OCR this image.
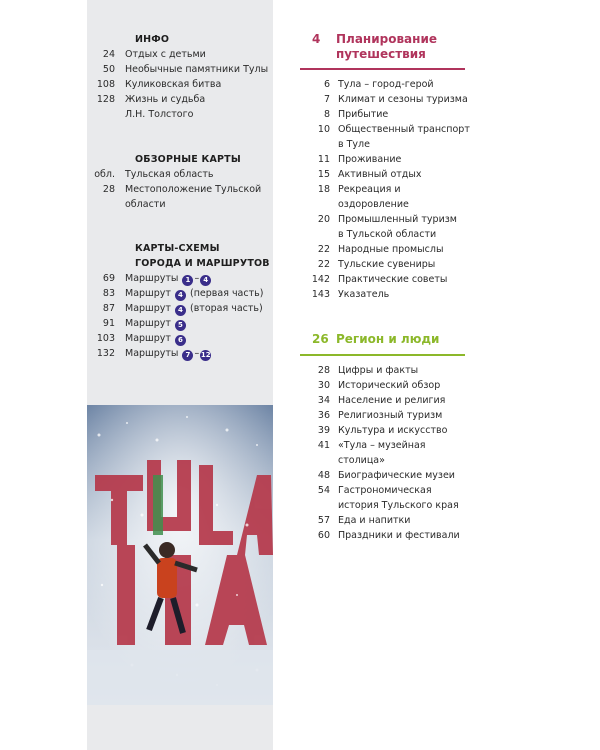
ИНФО
24	Отдых с детьми
50	Необычные памятники Тулы
108	Куликовская битва
128	Жизнь и судьба
Л.Н. Толстого
ОБЗОРНЫЕ КАРТЫ
обл.	Тульская область
28	Местоположение Тульской
области
КАРТЫ-СХЕМЫ
ГОРОДА И МАРШРУТОВ
69	Маршруты 1 – 4
83	Маршрут 4 (первая часть)
87	Маршрут 4 (вторая часть)
91	Маршрут 5
103	Маршрут 6
132	Маршруты 7 – 12
4	Планирование
путешествия
6 Тула – город-герой
7 Климат и сезоны туризма
8 Прибытие
10 Общественный транспорт
в Туле
11 Проживание
15 Активный отдых
18 Рекреация и
оздоровление
20 Промышленный туризм
в Тульской области
22 Народные промыслы
22 Тульские сувениры
142 Практические советы
143 Указатель
26 Регион и люди
28 Цифры и факты
30 Исторический обзор
34 Население и религия
36 Религиозный туризм
39 Культура и искусство
41 «Тула – музейная
столица»
48 Биографические музеи
54 Гастрономическая
история Тульского края
57 Еда и напитки
60 Праздники и фестивали
